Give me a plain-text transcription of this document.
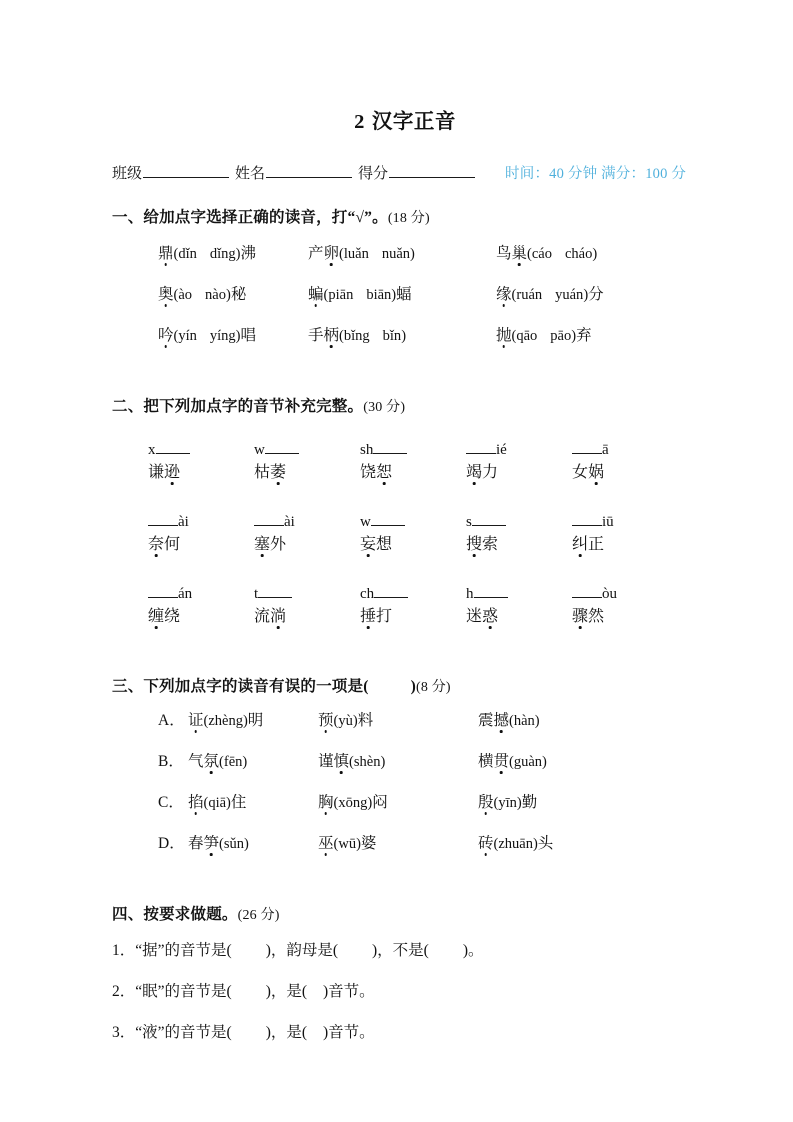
2 汉字正音
班级	姓名	得分	时间：40 分钟 满分：100 分
一、给加点字选择正确的读音，打“√”。(18 分)
鼎(dǐn dǐng)沸	产卵(luǎn nuǎn)	鸟巢(cáo cháo)
奥(ào nào)秘	蝙(piān biān)蝠	缘(ruán yuán)分
吟(yín yíng)唱	手柄(bǐng bǐn)	抛(qāo pāo)弃
二、把下列加点字的音节补充完整。(30 分)
x	w	sh	ié	ā
谦逊	枯萎	饶恕	竭力	女娲
ài	ài	w	s	iū
奈何	塞外	妄想	搜索	纠正
án	t	ch	h	òu
缠绕	流淌	捶打	迷惑	骤然
三、下列加点字的读音有误的一项是(	)(8 分)
A． 证(zhèng)明	预(yù)料	震撼(hàn)
B． 气氛(fēn)	谨慎(shèn)	横贯(guàn)
C． 掐(qiā)住	胸(xōng)闷	殷(yīn)勤
D． 春笋(sǔn)	巫(wū)婆	砖(zhuān)头
四、按要求做题。(26 分)
1． “据”的音节是( )，韵母是( )，不是( )。
2． “眠”的音节是( )，是( )音节。
3． “液”的音节是( )，是( )音节。
